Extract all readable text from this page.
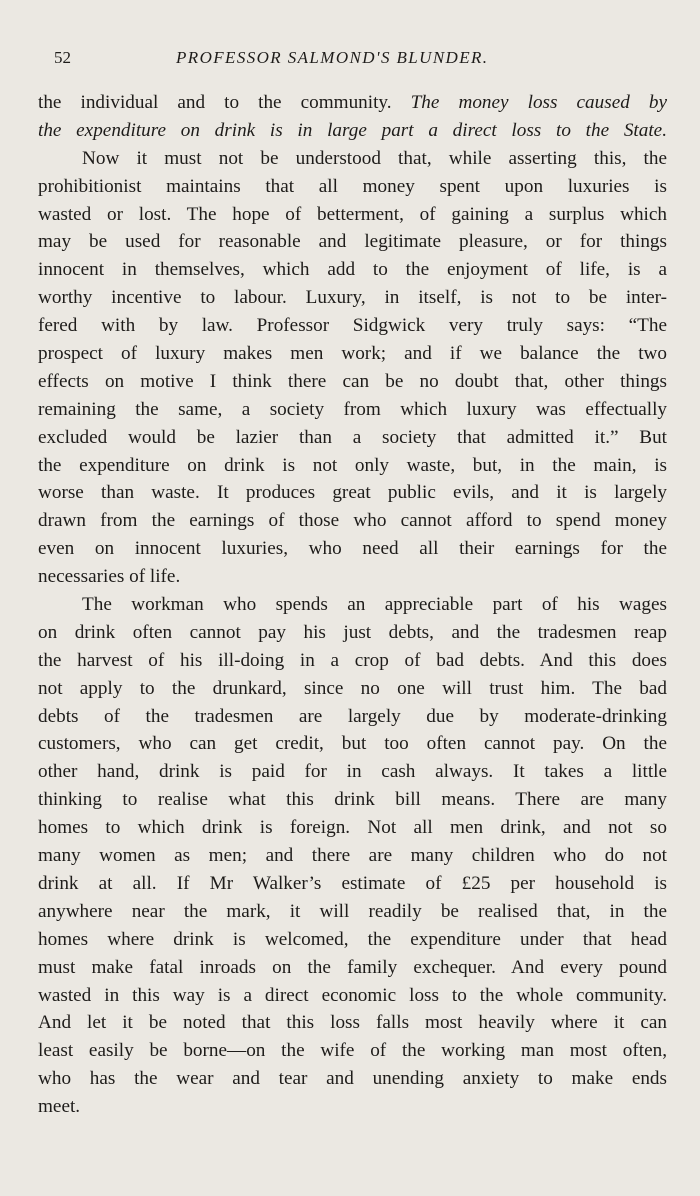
52	PROFESSOR SALMOND'S BLUNDER.
the individual and to the community. The money loss caused by
the expenditure on drink is in large part a direct loss to the State.
Now it must not be understood that, while asserting this, the
prohibitionist maintains that all money spent upon luxuries is
wasted or lost. The hope of betterment, of gaining a surplus which
may be used for reasonable and legitimate pleasure, or for things
innocent in themselves, which add to the enjoyment of life, is a
worthy incentive to labour. Luxury, in itself, is not to be inter-
fered with by law. Professor Sidgwick very truly says: “The
prospect of luxury makes men work; and if we balance the two
effects on motive I think there can be no doubt that, other things
remaining the same, a society from which luxury was effectually
excluded would be lazier than a society that admitted it.” But
the expenditure on drink is not only waste, but, in the main, is
worse than waste. It produces great public evils, and it is largely
drawn from the earnings of those who cannot afford to spend money
even on innocent luxuries, who need all their earnings for the
necessaries of life.
The workman who spends an appreciable part of his wages
on drink often cannot pay his just debts, and the tradesmen reap
the harvest of his ill-doing in a crop of bad debts. And this does
not apply to the drunkard, since no one will trust him. The bad
debts of the tradesmen are largely due by moderate-drinking
customers, who can get credit, but too often cannot pay. On the
other hand, drink is paid for in cash always. It takes a little
thinking to realise what this drink bill means. There are many
homes to which drink is foreign. Not all men drink, and not so
many women as men; and there are many children who do not
drink at all. If Mr Walker’s estimate of £25 per household is
anywhere near the mark, it will readily be realised that, in the
homes where drink is welcomed, the expenditure under that head
must make fatal inroads on the family exchequer. And every pound
wasted in this way is a direct economic loss to the whole community.
And let it be noted that this loss falls most heavily where it can
least easily be borne—on the wife of the working man most often,
who has the wear and tear and unending anxiety to make ends
meet.
